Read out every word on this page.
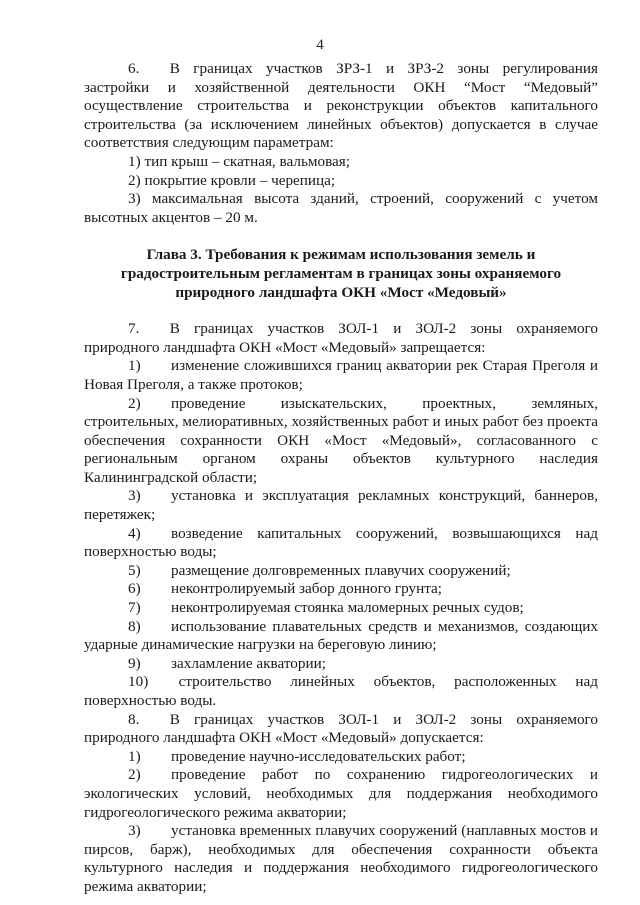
4

6.  В границах участков ЗРЗ-1 и ЗРЗ-2 зоны регулирования застройки и хозяйственной деятельности ОКН “Мост “Медовый” осуществление строительства и реконструкции объектов капитального строительства (за исключением линейных объектов) допускается в случае соответствия следующим параметрам:

1) тип крыш – скатная, вальмовая;

2) покрытие кровли – черепица;

3) максимальная высота зданий, строений, сооружений с учетом высотных акцентов – 20 м.

Глава 3. Требования к режимам использования земель и градостроительным регламентам в границах зоны охраняемого природного ландшафта ОКН «Мост «Медовый»

7.  В границах участков ЗОЛ-1 и ЗОЛ-2 зоны охраняемого природного ландшафта ОКН «Мост «Медовый» запрещается:

1)  изменение сложившихся границ акватории рек Старая Преголя и Новая Преголя, а также протоков;

2)  проведение изыскательских, проектных, земляных, строительных, мелиоративных, хозяйственных работ и иных работ без проекта обеспечения сохранности ОКН «Мост «Медовый», согласованного с региональным органом охраны объектов культурного наследия Калининградской области;

3)  установка и эксплуатация рекламных конструкций, баннеров, перетяжек;

4)  возведение капитальных сооружений, возвышающихся над поверхностью воды;

5)  размещение долговременных плавучих сооружений;

6)  неконтролируемый забор донного грунта;

7)  неконтролируемая стоянка маломерных речных судов;

8)  использование плавательных средств и механизмов, создающих ударные динамические нагрузки на береговую линию;

9)  захламление акватории;

10)  строительство линейных объектов, расположенных над поверхностью воды.

8.  В границах участков ЗОЛ-1 и ЗОЛ-2 зоны охраняемого природного ландшафта ОКН «Мост «Медовый» допускается:

1)  проведение научно-исследовательских работ;

2)  проведение работ по сохранению гидрогеологических и экологических условий, необходимых для поддержания необходимого гидрогеологического режима акватории;

3)  установка временных плавучих сооружений (наплавных мостов и пирсов, барж), необходимых для обеспечения сохранности объекта культурного наследия и поддержания необходимого гидрогеологического режима акватории;
